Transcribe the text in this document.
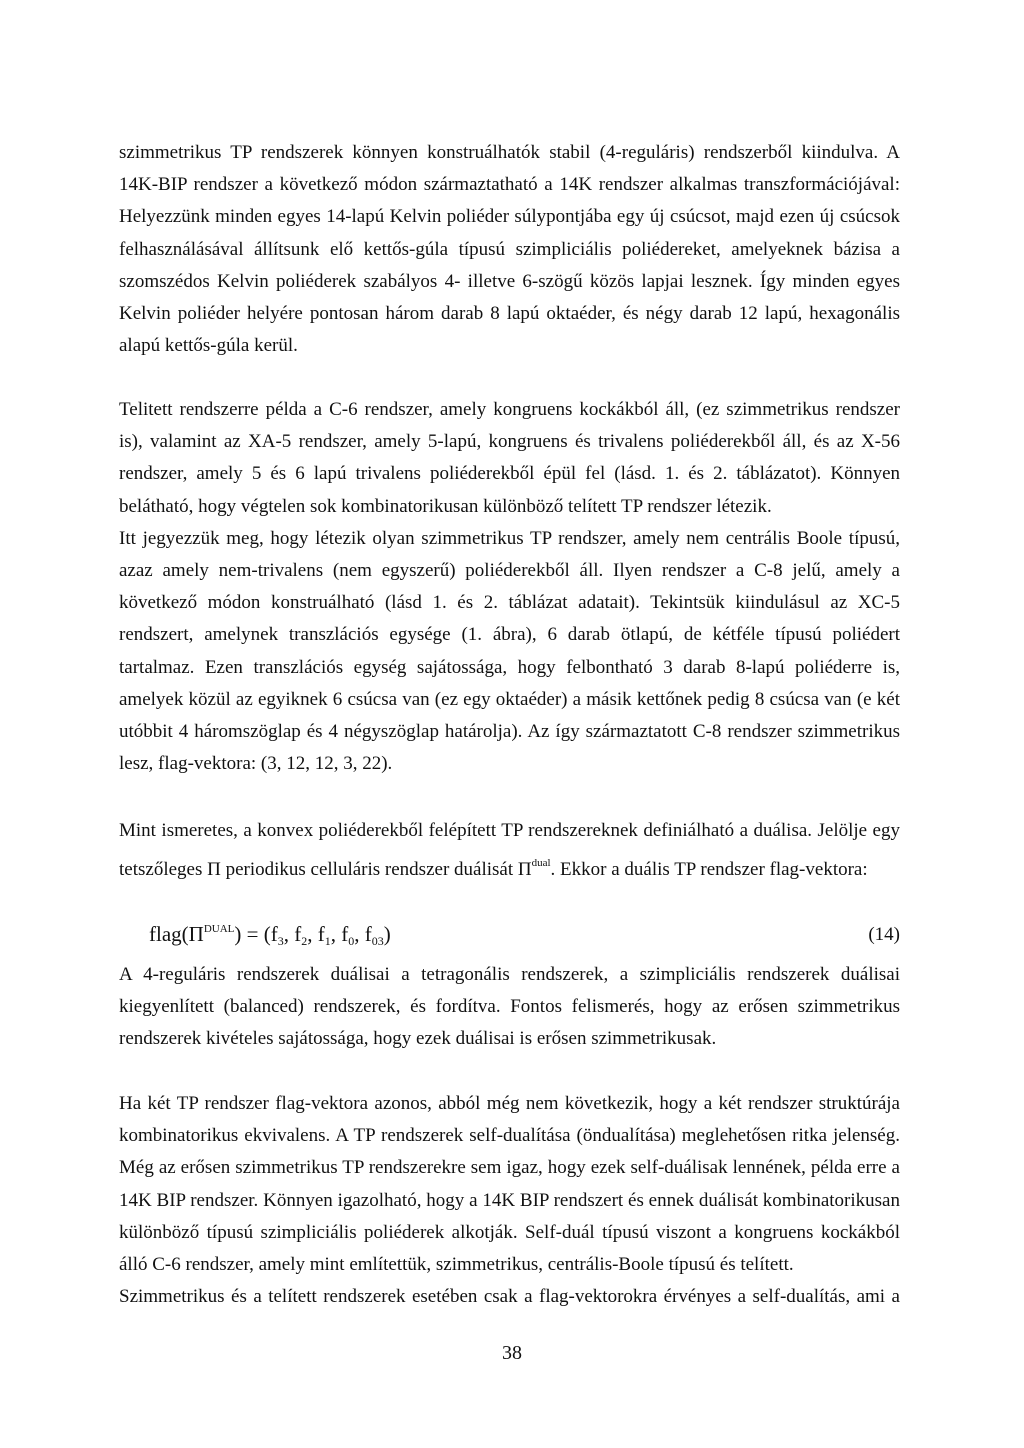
szimmetrikus TP rendszerek könnyen konstruálhatók stabil (4-reguláris) rendszerből kiindulva. A
14K-BIP rendszer a következő módon származtatható a 14K rendszer alkalmas transzformációjával:
Helyezzünk minden egyes 14-lapú Kelvin poliéder súlypontjába egy új csúcsot, majd ezen új csúcsok
felhasználásával állítsunk elő kettős-gúla típusú szimpliciális poliédereket, amelyeknek bázisa a
szomszédos Kelvin poliéderek szabályos 4- illetve 6-szögű közös lapjai lesznek. Így minden egyes
Kelvin poliéder helyére pontosan három darab 8 lapú oktaéder, és négy darab 12 lapú, hexagonális
alapú kettős-gúla kerül.
Telitett rendszerre példa a C-6 rendszer, amely kongruens kockákból áll, (ez szimmetrikus rendszer
is), valamint az XA-5 rendszer, amely 5-lapú, kongruens és trivalens poliéderekből áll, és az X-56
rendszer, amely 5 és 6 lapú trivalens poliéderekből épül fel (lásd. 1. és 2. táblázatot). Könnyen
belátható, hogy végtelen sok kombinatorikusan különböző telített TP rendszer létezik.
Itt jegyezzük meg, hogy létezik olyan szimmetrikus TP rendszer, amely nem centrális Boole típusú,
azaz amely nem-trivalens (nem egyszerű) poliéderekből áll. Ilyen rendszer a C-8 jelű, amely a
következő módon konstruálható (lásd 1. és 2. táblázat adatait). Tekintsük kiindulásul az XC-5
rendszert, amelynek transzlációs egysége (1. ábra), 6 darab ötlapú, de kétféle típusú poliédert
tartalmaz. Ezen transzlációs egység sajátossága, hogy felbontható 3 darab 8-lapú poliéderre is,
amelyek közül az egyiknek 6 csúcsa van (ez egy oktaéder) a másik kettőnek pedig 8 csúcsa van (e két
utóbbit 4 háromszöglap és 4 négyszöglap határolja). Az így származtatott C-8 rendszer szimmetrikus
lesz, flag-vektora: (3, 12, 12, 3, 22).
Mint ismeretes, a konvex poliéderekből felépített TP rendszereknek definiálható a duálisa. Jelölje egy
tetszőleges Π periodikus celluláris rendszer duálisát $\Pi^{dual}$. Ekkor a duális TP rendszer flag-vektora:
$flag(\Pi^{DUAL}) = (f_3$, $f_2$, $f_1$, $f_0$, $f_{03}$)	(14)
A 4-reguláris rendszerek duálisai a tetragonális rendszerek, a szimpliciális rendszerek duálisai
kiegyenlített (balanced) rendszerek, és fordítva. Fontos felismerés, hogy az erősen szimmetrikus
rendszerek kivételes sajátossága, hogy ezek duálisai is erősen szimmetrikusak.
Ha két TP rendszer flag-vektora azonos, abból még nem következik, hogy a két rendszer struktúrája
kombinatorikus ekvivalens. A TP rendszerek self-dualítása (öndualítása) meglehetősen ritka jelenség.
Még az erősen szimmetrikus TP rendszerekre sem igaz, hogy ezek self-duálisak lennének, példa erre a
14K BIP rendszer. Könnyen igazolható, hogy a 14K BIP rendszert és ennek duálisát kombinatorikusan
különböző típusú szimpliciális poliéderek alkotják. Self-duál típusú viszont a kongruens kockákból
álló C-6 rendszer, amely mint említettük, szimmetrikus, centrális-Boole típusú és telített.
Szimmetrikus és a telített rendszerek esetében csak a flag-vektorokra érvényes a self-dualítás, ami a
38
